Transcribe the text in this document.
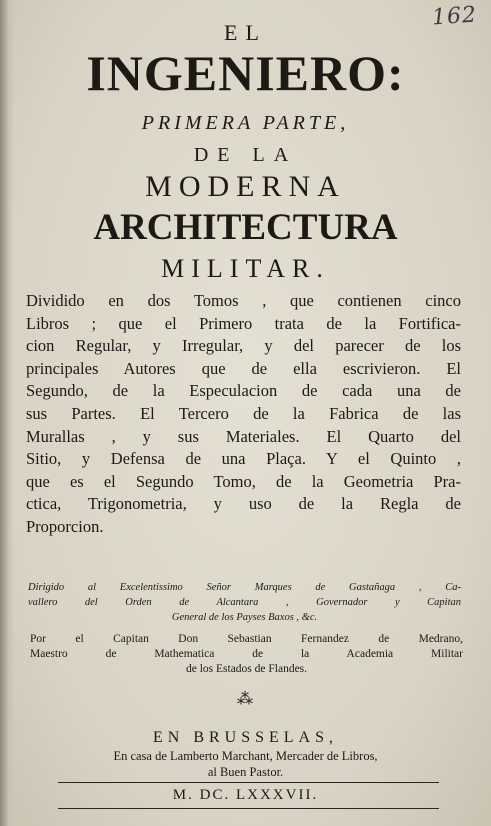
162
EL
INGENIERO:
PRIMERA PARTE,
DE LA
MODERNA
ARCHITECTURA
MILITAR.
Dividido en dos Tomos , que contienen cinco
Libros ; que el Primero trata de la Fortifica-
cion Regular, y Irregular, y del parecer de los
principales Autores que de ella escrivieron. El
Segundo, de la Especulacion de cada una de
sus Partes. El Tercero de la Fabrica de las
Murallas , y sus Materiales. El Quarto del
Sitio, y Defensa de una Plaça. Y el Quinto ,
que es el Segundo Tomo, de la Geometria Pra-
ctica, Trigonometria, y uso de la Regla de
Proporcion.
Dirigido al Excelentissimo Señor Marques de Gastañaga , Ca-
vallero del Orden de Alcantara , Governador y Capitan
General de los Payses Baxos , &c.
Por el Capitan Don Sebastian Fernandez de Medrano,
Maestro de Mathematica de la Academia Militar
de los Estados de Flandes.
⁂
EN BRUSSELAS,
En casa de Lamberto Marchant, Mercader de Libros,
al Buen Pastor.
M. DC. LXXXVII.
